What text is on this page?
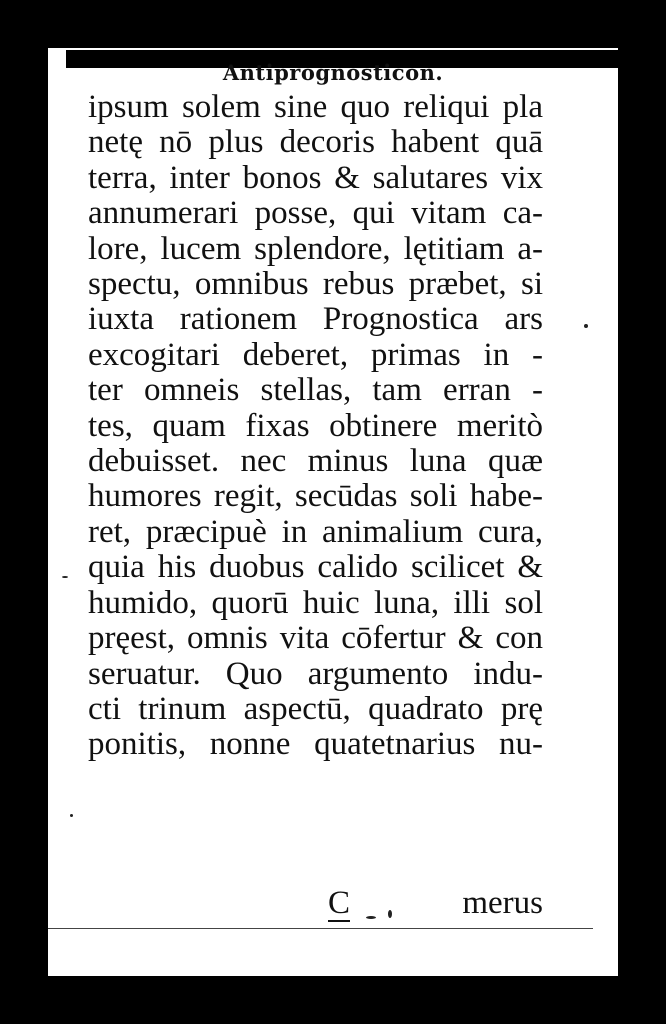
Antiprognosticon.
ipsum solem sine quo reliqui pla
netę nō plus decoris habent quā
terra, inter bonos & salutares vix
annumerari posse, qui vitam ca-
lore, lucem splendore, lętitiam a-
spectu, omnibus rebus præbet, si
iuxta rationem Prognostica ars
excogitari deberet, primas in -
ter omneis stellas, tam erran -
tes, quam fixas obtinere meritò
debuisset. nec minus luna quæ
humores regit, secūdas soli habe-
ret, præcipuè in animalium cura,
quia his duobus calido scilicet &
humido, quorū huic luna, illi sol
pręest, omnis vita cōfertur & con
seruatur. Quo argumento indu-
cti trinum aspectū, quadrato prę
ponitis, nonne quatetnarius nu-
C	merus
